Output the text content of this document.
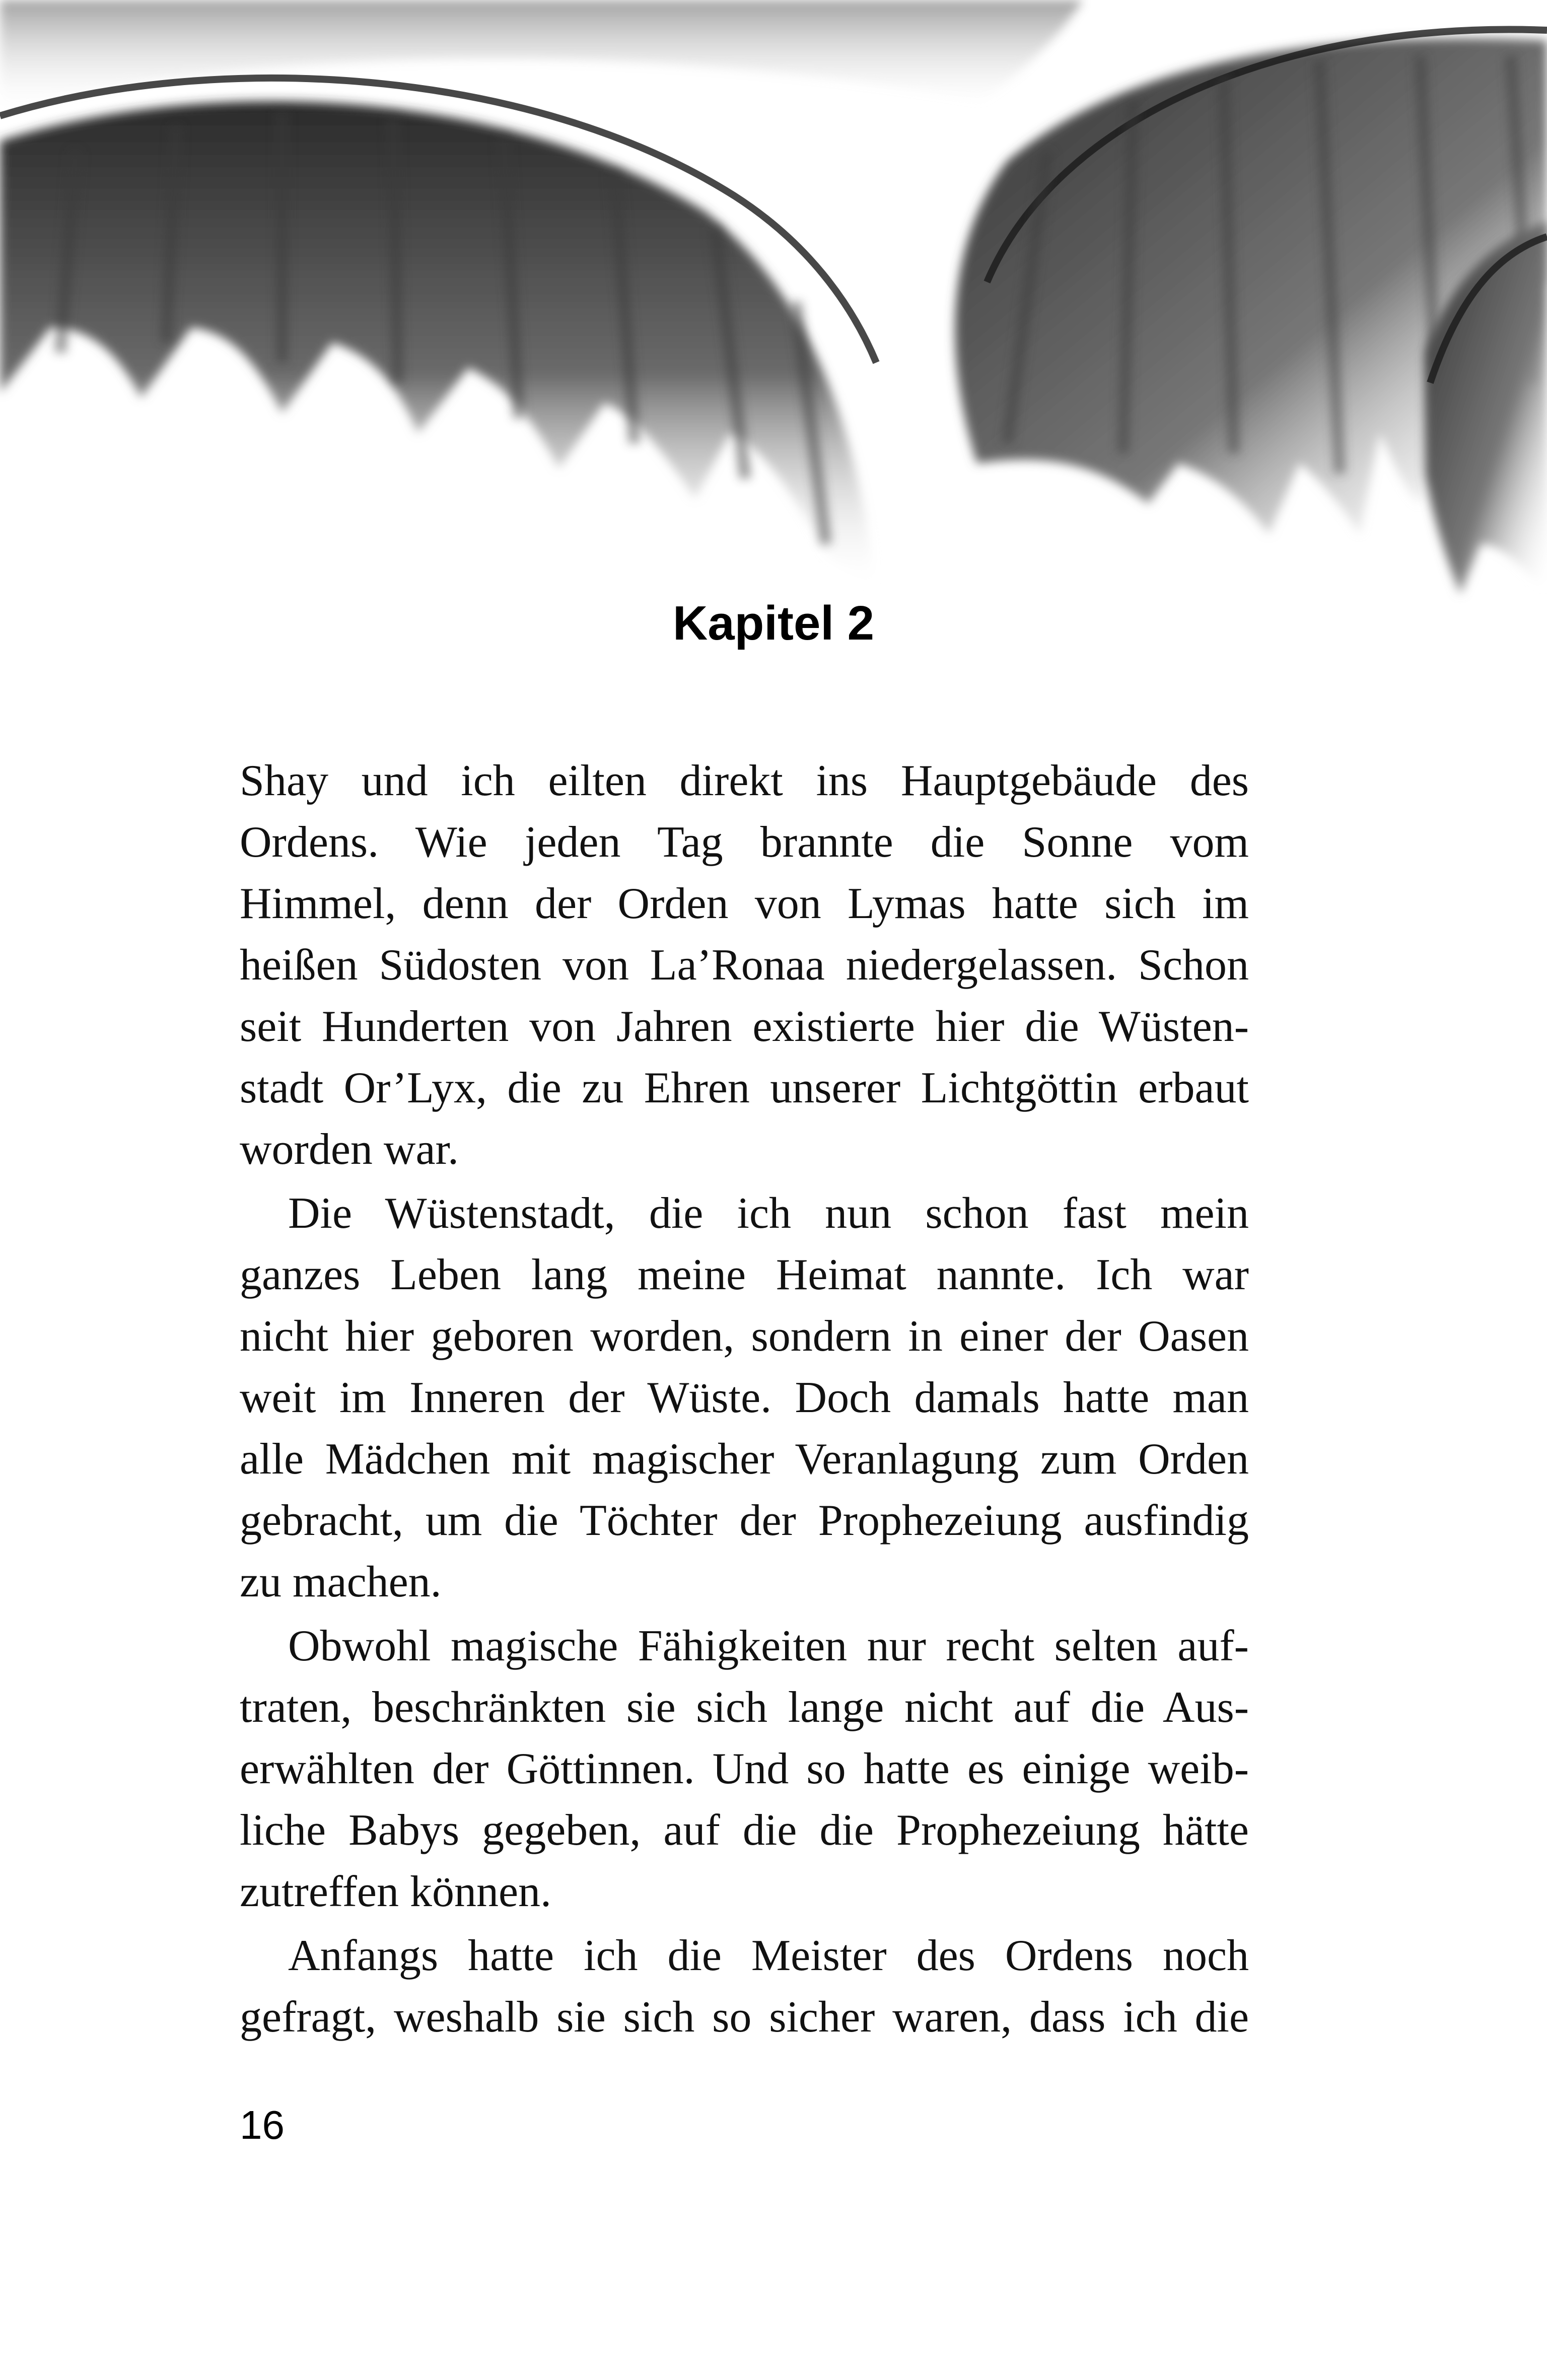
Kapitel 2
Shay und ich eilten direkt ins Hauptgebäude des
Ordens. Wie jeden Tag brannte die Sonne vom
Himmel, denn der Orden von Lymas hatte sich im
heißen Südosten von La’Ronaa niedergelassen. Schon
seit Hunderten von Jahren existierte hier die Wüsten-
stadt Or’Lyx, die zu Ehren unserer Lichtgöttin erbaut
worden war.
Die Wüstenstadt, die ich nun schon fast mein
ganzes Leben lang meine Heimat nannte. Ich war
nicht hier geboren worden, sondern in einer der Oasen
weit im Inneren der Wüste. Doch damals hatte man
alle Mädchen mit magischer Veranlagung zum Orden
gebracht, um die Töchter der Prophezeiung ausfindig
zu machen.
Obwohl magische Fähigkeiten nur recht selten auf-
traten, beschränkten sie sich lange nicht auf die Aus-
erwählten der Göttinnen. Und so hatte es einige weib-
liche Babys gegeben, auf die die Prophezeiung hätte
zutreffen können.
Anfangs hatte ich die Meister des Ordens noch
gefragt, weshalb sie sich so sicher waren, dass ich die
16
